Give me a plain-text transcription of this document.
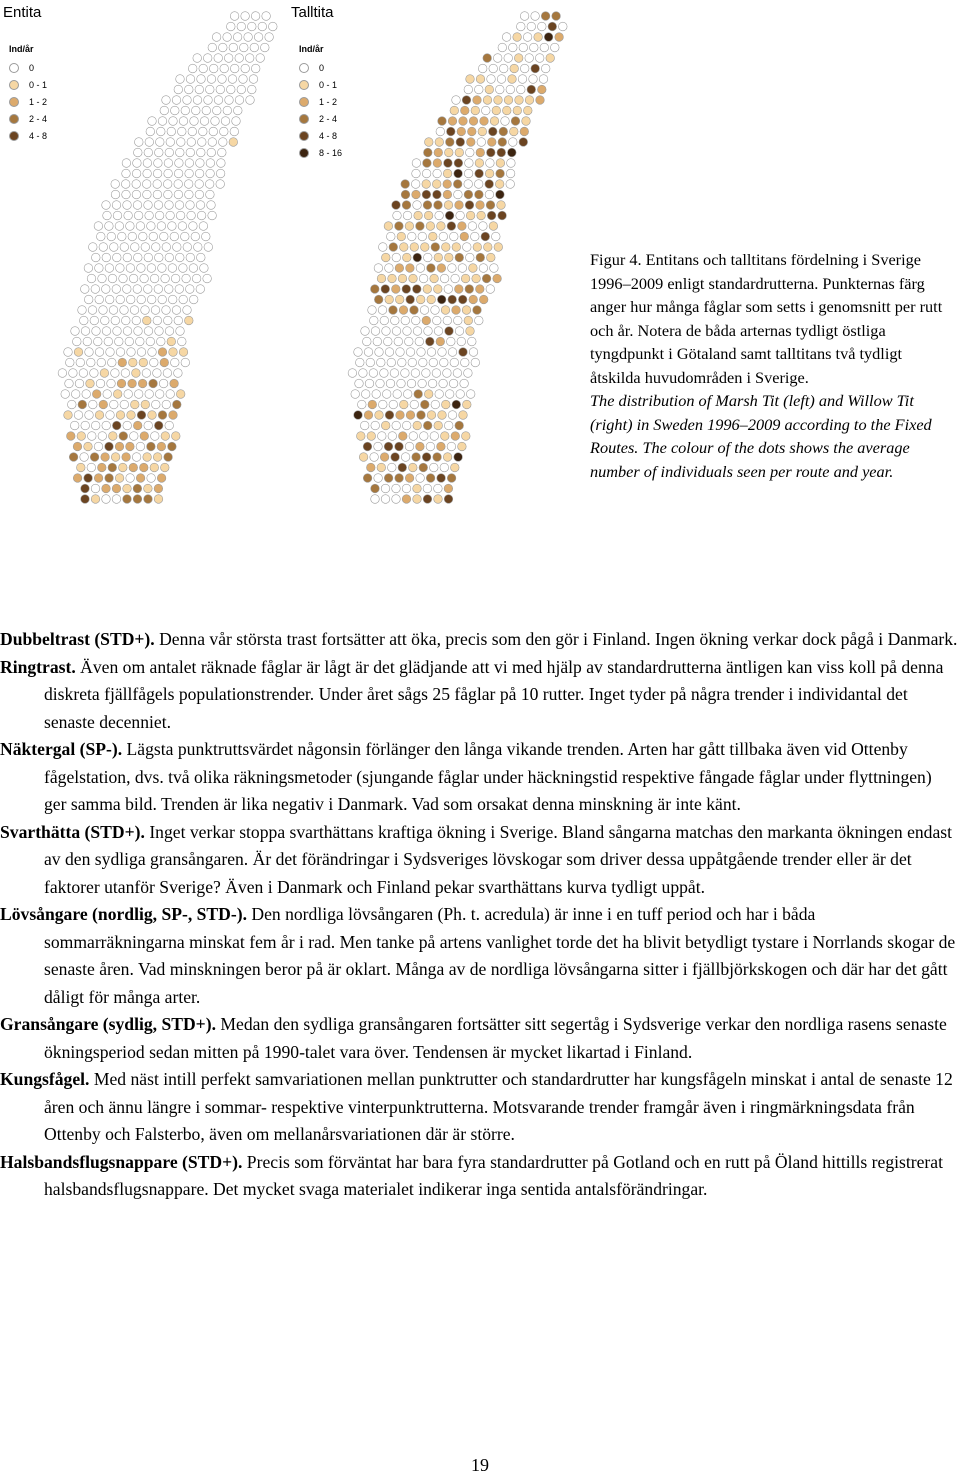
Entita
Ind/år
0
0 - 1
1 - 2
2 - 4
4 - 8
Talltita
Ind/år
0
0 - 1
1 - 2
2 - 4
4 - 8
8 - 16

Figur 4. Entitans och talltitans fördelning i Sverige 1996–2009 enligt standardrutterna. Punkternas färg anger hur många fåglar som setts i genomsnitt per rutt och år. Notera de båda arternas tydligt östliga tyngdpunkt i Götaland samt talltitans två tydligt åtskilda huvudområden i Sverige.

The distribution of Marsh Tit (left) and Willow Tit (right) in Sweden 1996–2009 according to the Fixed Routes. The colour of the dots shows the average number of individuals seen per route and year.

Dubbeltrast (STD+). Denna vår största trast fortsätter att öka, precis som den gör i Finland. Ingen ökning verkar dock pågå i Danmark.

Ringtrast. Även om antalet räknade fåglar är lågt är det glädjande att vi med hjälp av standardrutterna äntligen kan viss koll på denna diskreta fjällfågels populationstrender. Under året sågs 25 fåglar på 10 rutter. Inget tyder på några trender i individantal det senaste decenniet.

Näktergal (SP-). Lägsta punktruttsvärdet någonsin förlänger den långa vikande trenden. Arten har gått tillbaka även vid Ottenby fågelstation, dvs. två olika räkningsmetoder (sjungande fåglar under häckningstid respektive fångade fåglar under flyttningen) ger samma bild. Trenden är lika negativ i Danmark. Vad som orsakat denna minskning är inte känt.

Svarthätta (STD+). Inget verkar stoppa svarthättans kraftiga ökning i Sverige. Bland sångarna matchas den markanta ökningen endast av den sydliga gransångaren. Är det förändringar i Sydsveriges lövskogar som driver dessa uppåtgående trender eller är det faktorer utanför Sverige? Även i Danmark och Finland pekar svarthättans kurva tydligt uppåt.

Lövsångare (nordlig, SP-, STD-). Den nordliga lövsångaren (Ph. t. acredula) är inne i en tuff period och har i båda sommarräkningarna minskat fem år i rad. Men tanke på artens vanlighet torde det ha blivit betydligt tystare i Norrlands skogar de senaste åren. Vad minskningen beror på är oklart. Många av de nordliga lövsångarna sitter i fjällbjörkskogen och där har det gått dåligt för många arter.

Gransångare (sydlig, STD+). Medan den sydliga gransångaren fortsätter sitt segertåg i Sydsverige verkar den nordliga rasens senaste ökningsperiod sedan mitten på 1990-talet vara över. Tendensen är mycket likartad i Finland.

Kungsfågel. Med näst intill perfekt samvariationen mellan punktrutter och standardrutter har kungsfågeln minskat i antal de senaste 12 åren och ännu längre i sommar- respektive vinterpunktrutterna. Motsvarande trender framgår även i ringmärkningsdata från Ottenby och Falsterbo, även om mellanårsvariationen där är större.

Halsbandsflugsnappare (STD+). Precis som förväntat har bara fyra standardrutter på Gotland och en rutt på Öland hittills registrerat halsbandsflugsnappare. Det mycket svaga materialet indikerar inga sentida antalsförändringar.

19
